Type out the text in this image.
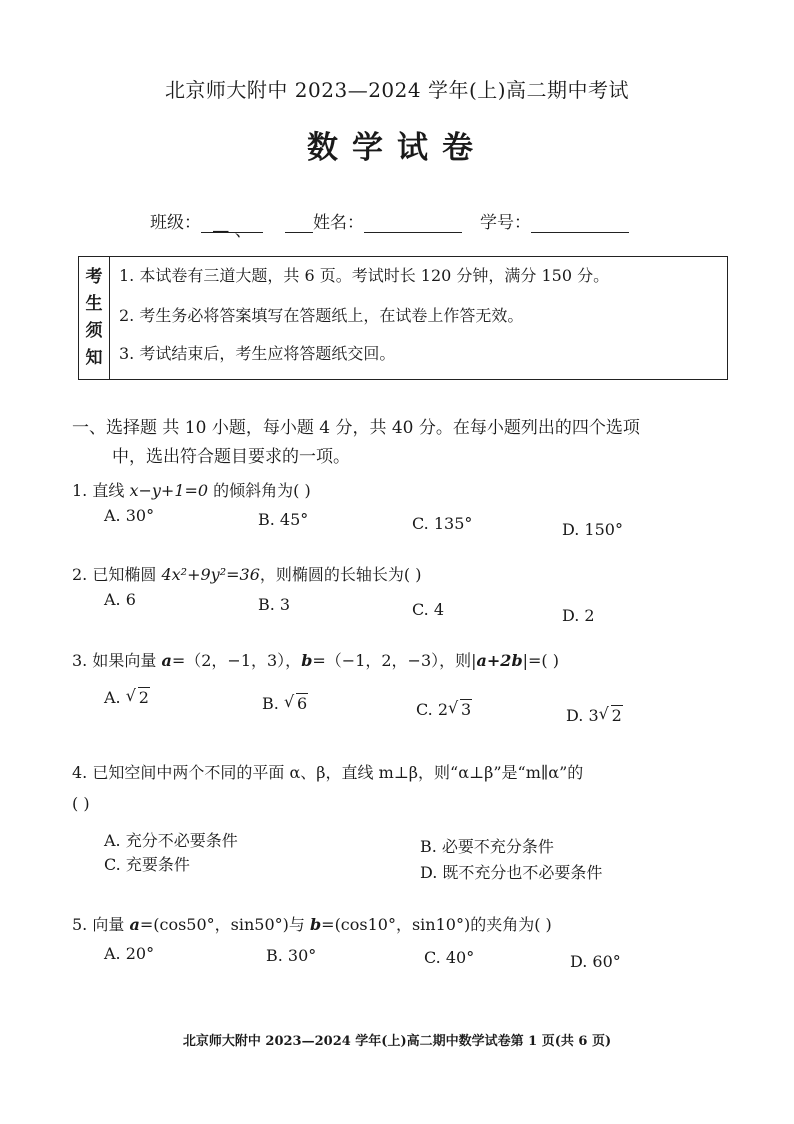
北京师大附中 2023—2024 学年(上)高二期中考试
数学试卷
班级： — 、	姓名：	学号：
考
生
须
知
1. 本试卷有三道大题，共 6 页。考试时长 120 分钟，满分 150 分。
2. 考生务必将答案填写在答题纸上，在试卷上作答无效。
3. 考试结束后，考生应将答题纸交回。
一、选择题 共 10 小题，每小题 4 分，共 40 分。在每小题列出的四个选项
中，选出符合题目要求的一项。
1. 直线 x−y+1=0 的倾斜角为( )
A. 30°	B. 45°	C. 135°	D. 150°
2. 已知椭圆 4x²+9y²=36，则椭圆的长轴长为( )
A. 6	B. 3	C. 4	D. 2
3. 如果向量 a=（2，−1，3），b=（−1，2，−3），则|a+2b|=( )
A. √ 2	B. √ 6	C. 2 √ 3	D. 3 √ 2
4. 已知空间中两个不同的平面 α、β，直线 m⊥β，则“α⊥β”是“m∥α”的
( )
A. 充分不必要条件	B. 必要不充分条件
C. 充要条件	D. 既不充分也不必要条件
5. 向量 a=(cos50°，sin50°)与 b=(cos10°，sin10°)的夹角为( )
A. 20°	B. 30°	C. 40°	D. 60°
北京师大附中 2023—2024 学年(上)高二期中数学试卷第 1 页(共 6 页)
